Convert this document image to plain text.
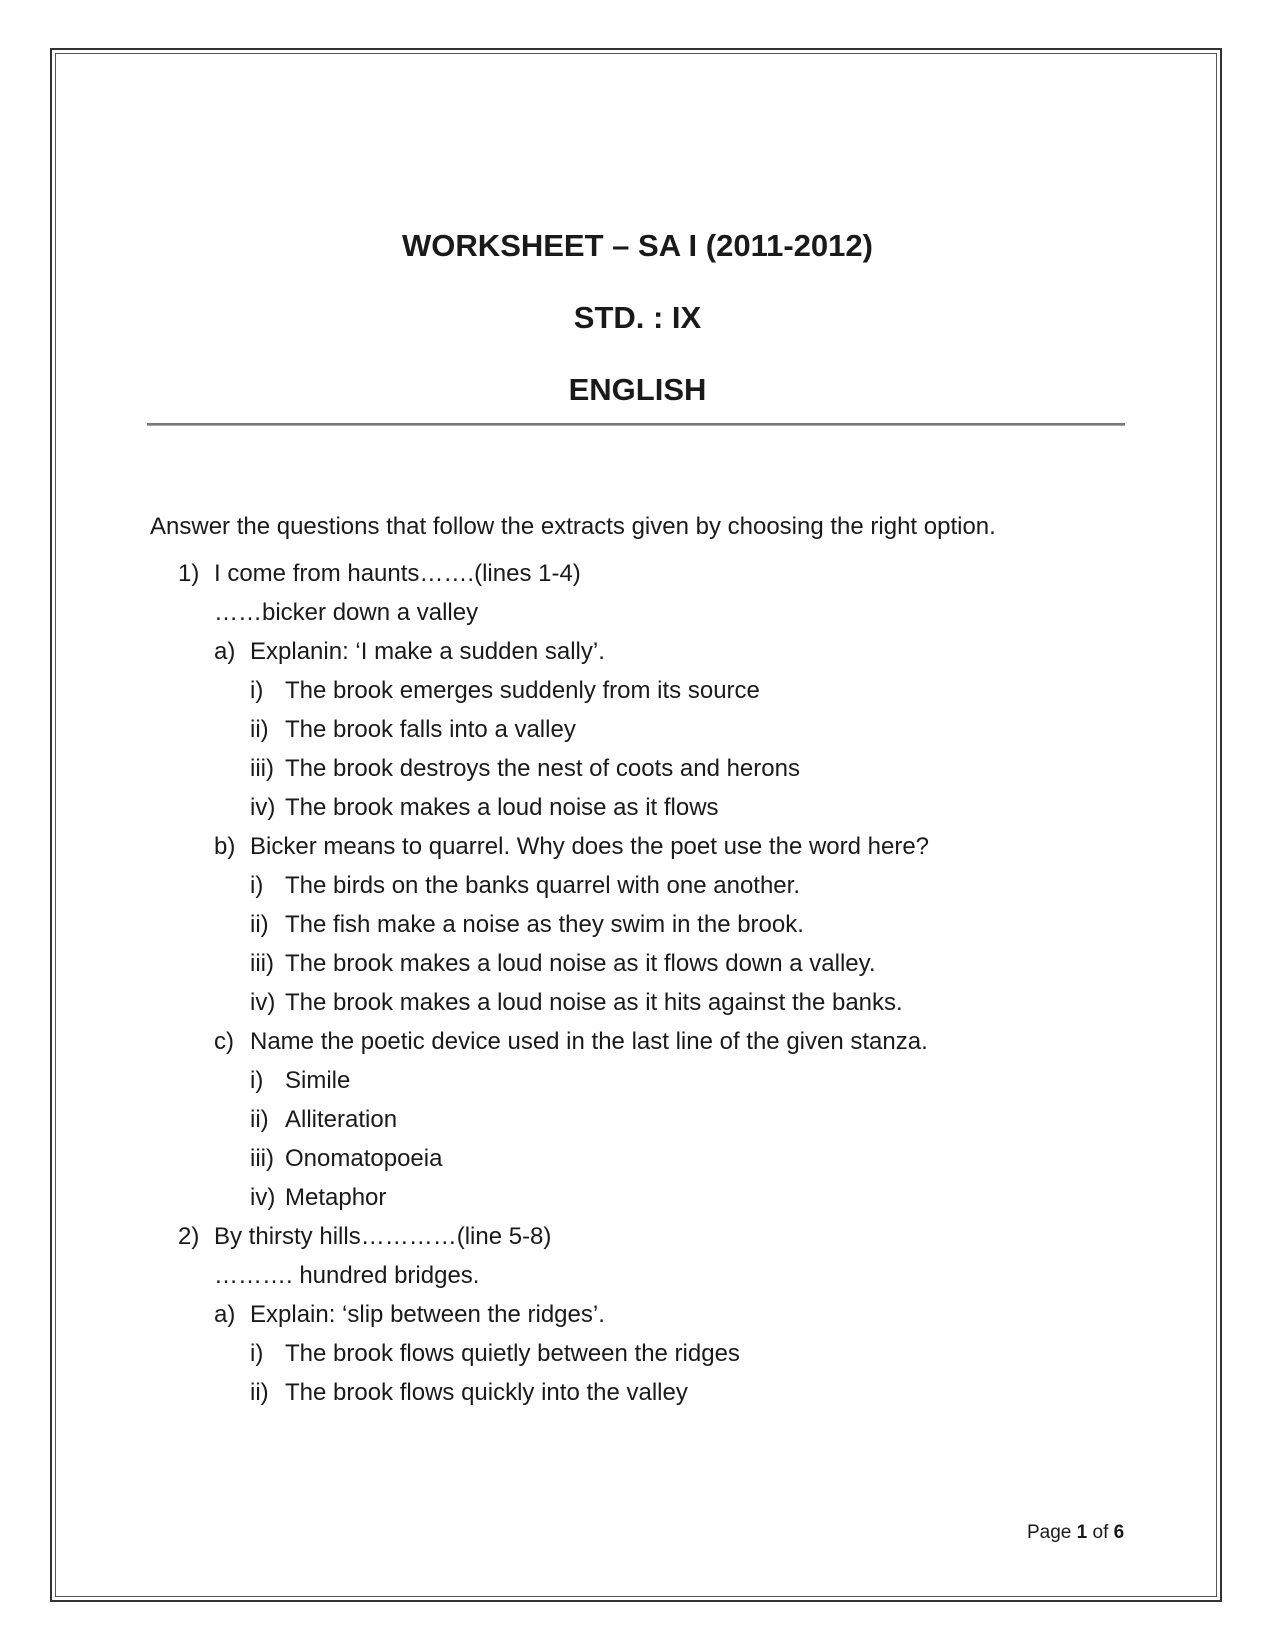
WORKSHEET – SA I (2011-2012)
STD. : IX
ENGLISH
Answer the questions that follow the extracts given by choosing the right option.
1) I come from haunts…….(lines 1-4)
……bicker down a valley
a) Explanin: ‘I make a sudden sally’.
i) The brook emerges suddenly from its source
ii) The brook falls into a valley
iii) The brook destroys the nest of coots and herons
iv) The brook makes a loud noise as it flows
b) Bicker means to quarrel. Why does the poet use the word here?
i) The birds on the banks quarrel with one another.
ii) The fish make a noise as they swim in the brook.
iii) The brook makes a loud noise as it flows down a valley.
iv) The brook makes a loud noise as it hits against the banks.
c) Name the poetic device used in the last line of the given stanza.
i) Simile
ii) Alliteration
iii) Onomatopoeia
iv) Metaphor
2) By thirsty hills…………(line 5-8)
………. hundred bridges.
a) Explain: ‘slip between the ridges’.
i) The brook flows quietly between the ridges
ii) The brook flows quickly into the valley
Page 1 of 6
